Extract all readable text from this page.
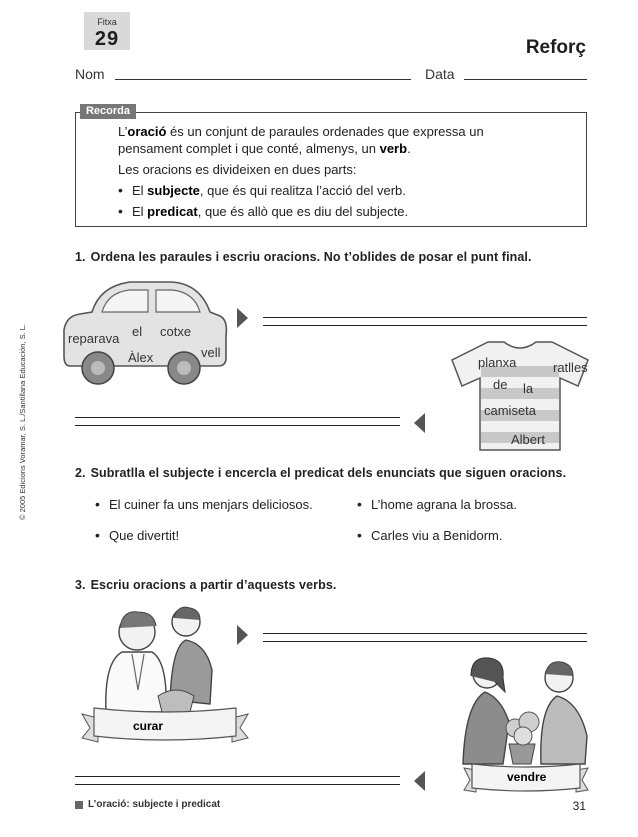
Fitxa
29	Reforç
Nom	Data
Recorda
L’oració és un conjunt de paraules ordenades que expressa un
pensament complet i que conté, almenys, un verb.
Les oracions es divideixen en dues parts:
• El subjecte, que és qui realitza l’acció del verb.
• El predicat, que és allò que es diu del subjecte.
© 2005 Edicions Voramar, S. L./Santillana Educación, S. L.
1. Ordena les paraules i escriu oracions. No t’oblides de posar el punt final.
reparava el cotxe
Àlex	vell
planxa	ratlles
de la
camiseta
Albert
2. Subratlla el subjecte i encercla el predicat dels enunciats que siguen oracions.
• El cuiner fa uns menjars deliciosos.	• L’home agrana la brossa.
• Que divertit!	• Carles viu a Benidorm.
3. Escriu oracions a partir d’aquests verbs.
curar
vendre
L’oració: subjecte i predicat	31
